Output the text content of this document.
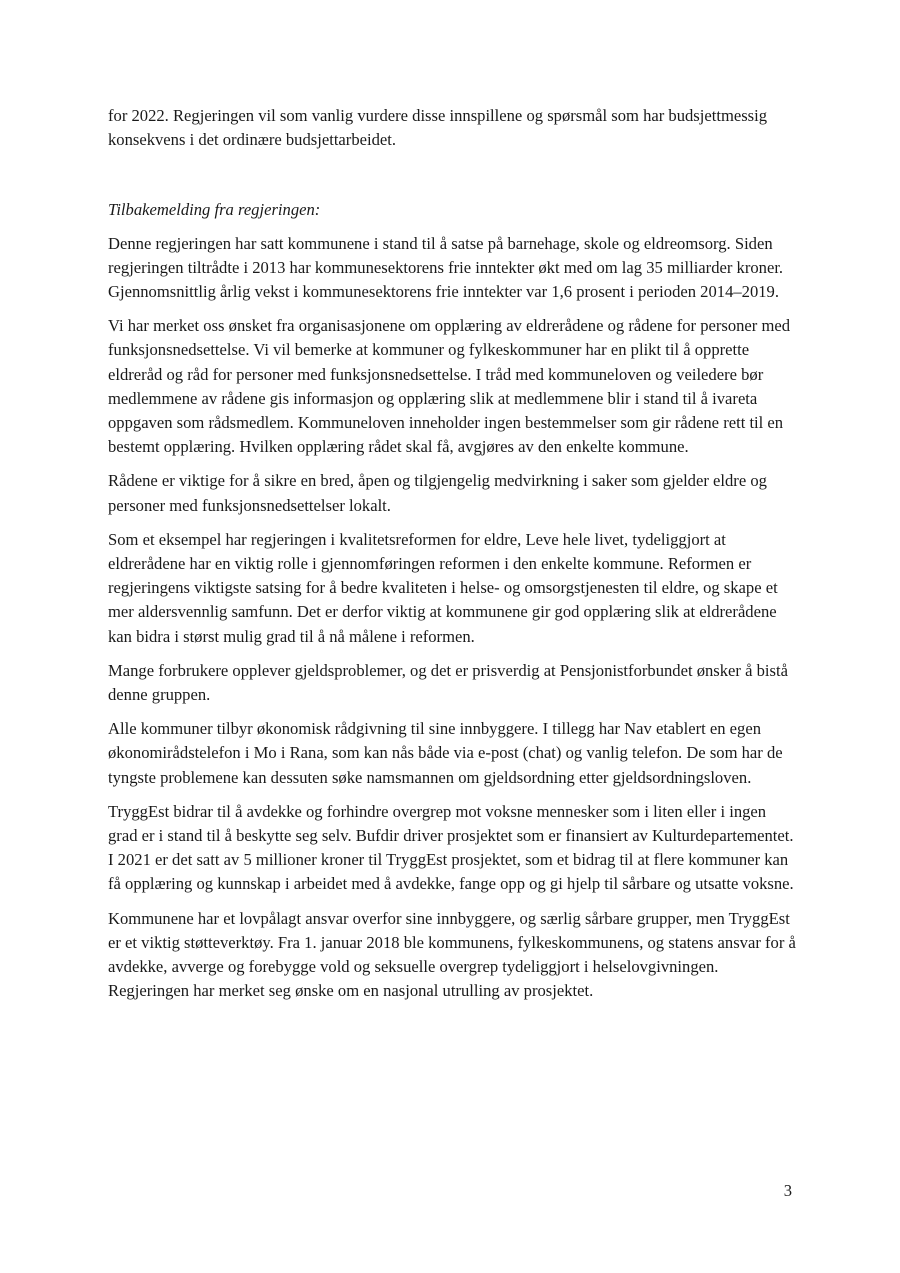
for 2022. Regjeringen vil som vanlig vurdere disse innspillene og spørsmål som har budsjettmessig konsekvens i det ordinære budsjettarbeidet.

Tilbakemelding fra regjeringen:

Denne regjeringen har satt kommunene i stand til å satse på barnehage, skole og eldreomsorg. Siden regjeringen tiltrådte i 2013 har kommunesektorens frie inntekter økt med om lag 35 milliarder kroner. Gjennomsnittlig årlig vekst i kommunesektorens frie inntekter var 1,6 prosent i perioden 2014–2019.

Vi har merket oss ønsket fra organisasjonene om opplæring av eldrerådene og rådene for personer med funksjonsnedsettelse. Vi vil bemerke at kommuner og fylkeskommuner har en plikt til å opprette eldreråd og råd for personer med funksjonsnedsettelse. I tråd med kommuneloven og veiledere bør medlemmene av rådene gis informasjon og opplæring slik at medlemmene blir i stand til å ivareta oppgaven som rådsmedlem. Kommuneloven inneholder ingen bestemmelser som gir rådene rett til en bestemt opplæring. Hvilken opplæring rådet skal få, avgjøres av den enkelte kommune.

Rådene er viktige for å sikre en bred, åpen og tilgjengelig medvirkning i saker som gjelder eldre og personer med funksjonsnedsettelser lokalt.

Som et eksempel har regjeringen i kvalitetsreformen for eldre, Leve hele livet, tydeliggjort at eldrerådene har en viktig rolle i gjennomføringen reformen i den enkelte kommune. Reformen er regjeringens viktigste satsing for å bedre kvaliteten i helse- og omsorgstjenesten til eldre, og skape et mer aldersvennlig samfunn. Det er derfor viktig at kommunene gir god opplæring slik at eldrerådene kan bidra i størst mulig grad til å nå målene i reformen.

Mange forbrukere opplever gjeldsproblemer, og det er prisverdig at Pensjonistforbundet ønsker å bistå denne gruppen.

Alle kommuner tilbyr økonomisk rådgivning til sine innbyggere. I tillegg har Nav etablert en egen økonomirådstelefon i Mo i Rana, som kan nås både via e-post (chat) og vanlig telefon. De som har de tyngste problemene kan dessuten søke namsmannen om gjeldsordning etter gjeldsordningsloven.

TryggEst bidrar til å avdekke og forhindre overgrep mot voksne mennesker som i liten eller i ingen grad er i stand til å beskytte seg selv. Bufdir driver prosjektet som er finansiert av Kulturdepartementet. I 2021 er det satt av 5 millioner kroner til TryggEst prosjektet, som et bidrag til at flere kommuner kan få opplæring og kunnskap i arbeidet med å avdekke, fange opp og gi hjelp til sårbare og utsatte voksne.

Kommunene har et lovpålagt ansvar overfor sine innbyggere, og særlig sårbare grupper, men TryggEst er et viktig støtteverktøy. Fra 1. januar 2018 ble kommunens, fylkeskommunens, og statens ansvar for å avdekke, avverge og forebygge vold og seksuelle overgrep tydeliggjort i helselovgivningen. Regjeringen har merket seg ønske om en nasjonal utrulling av prosjektet.

3
